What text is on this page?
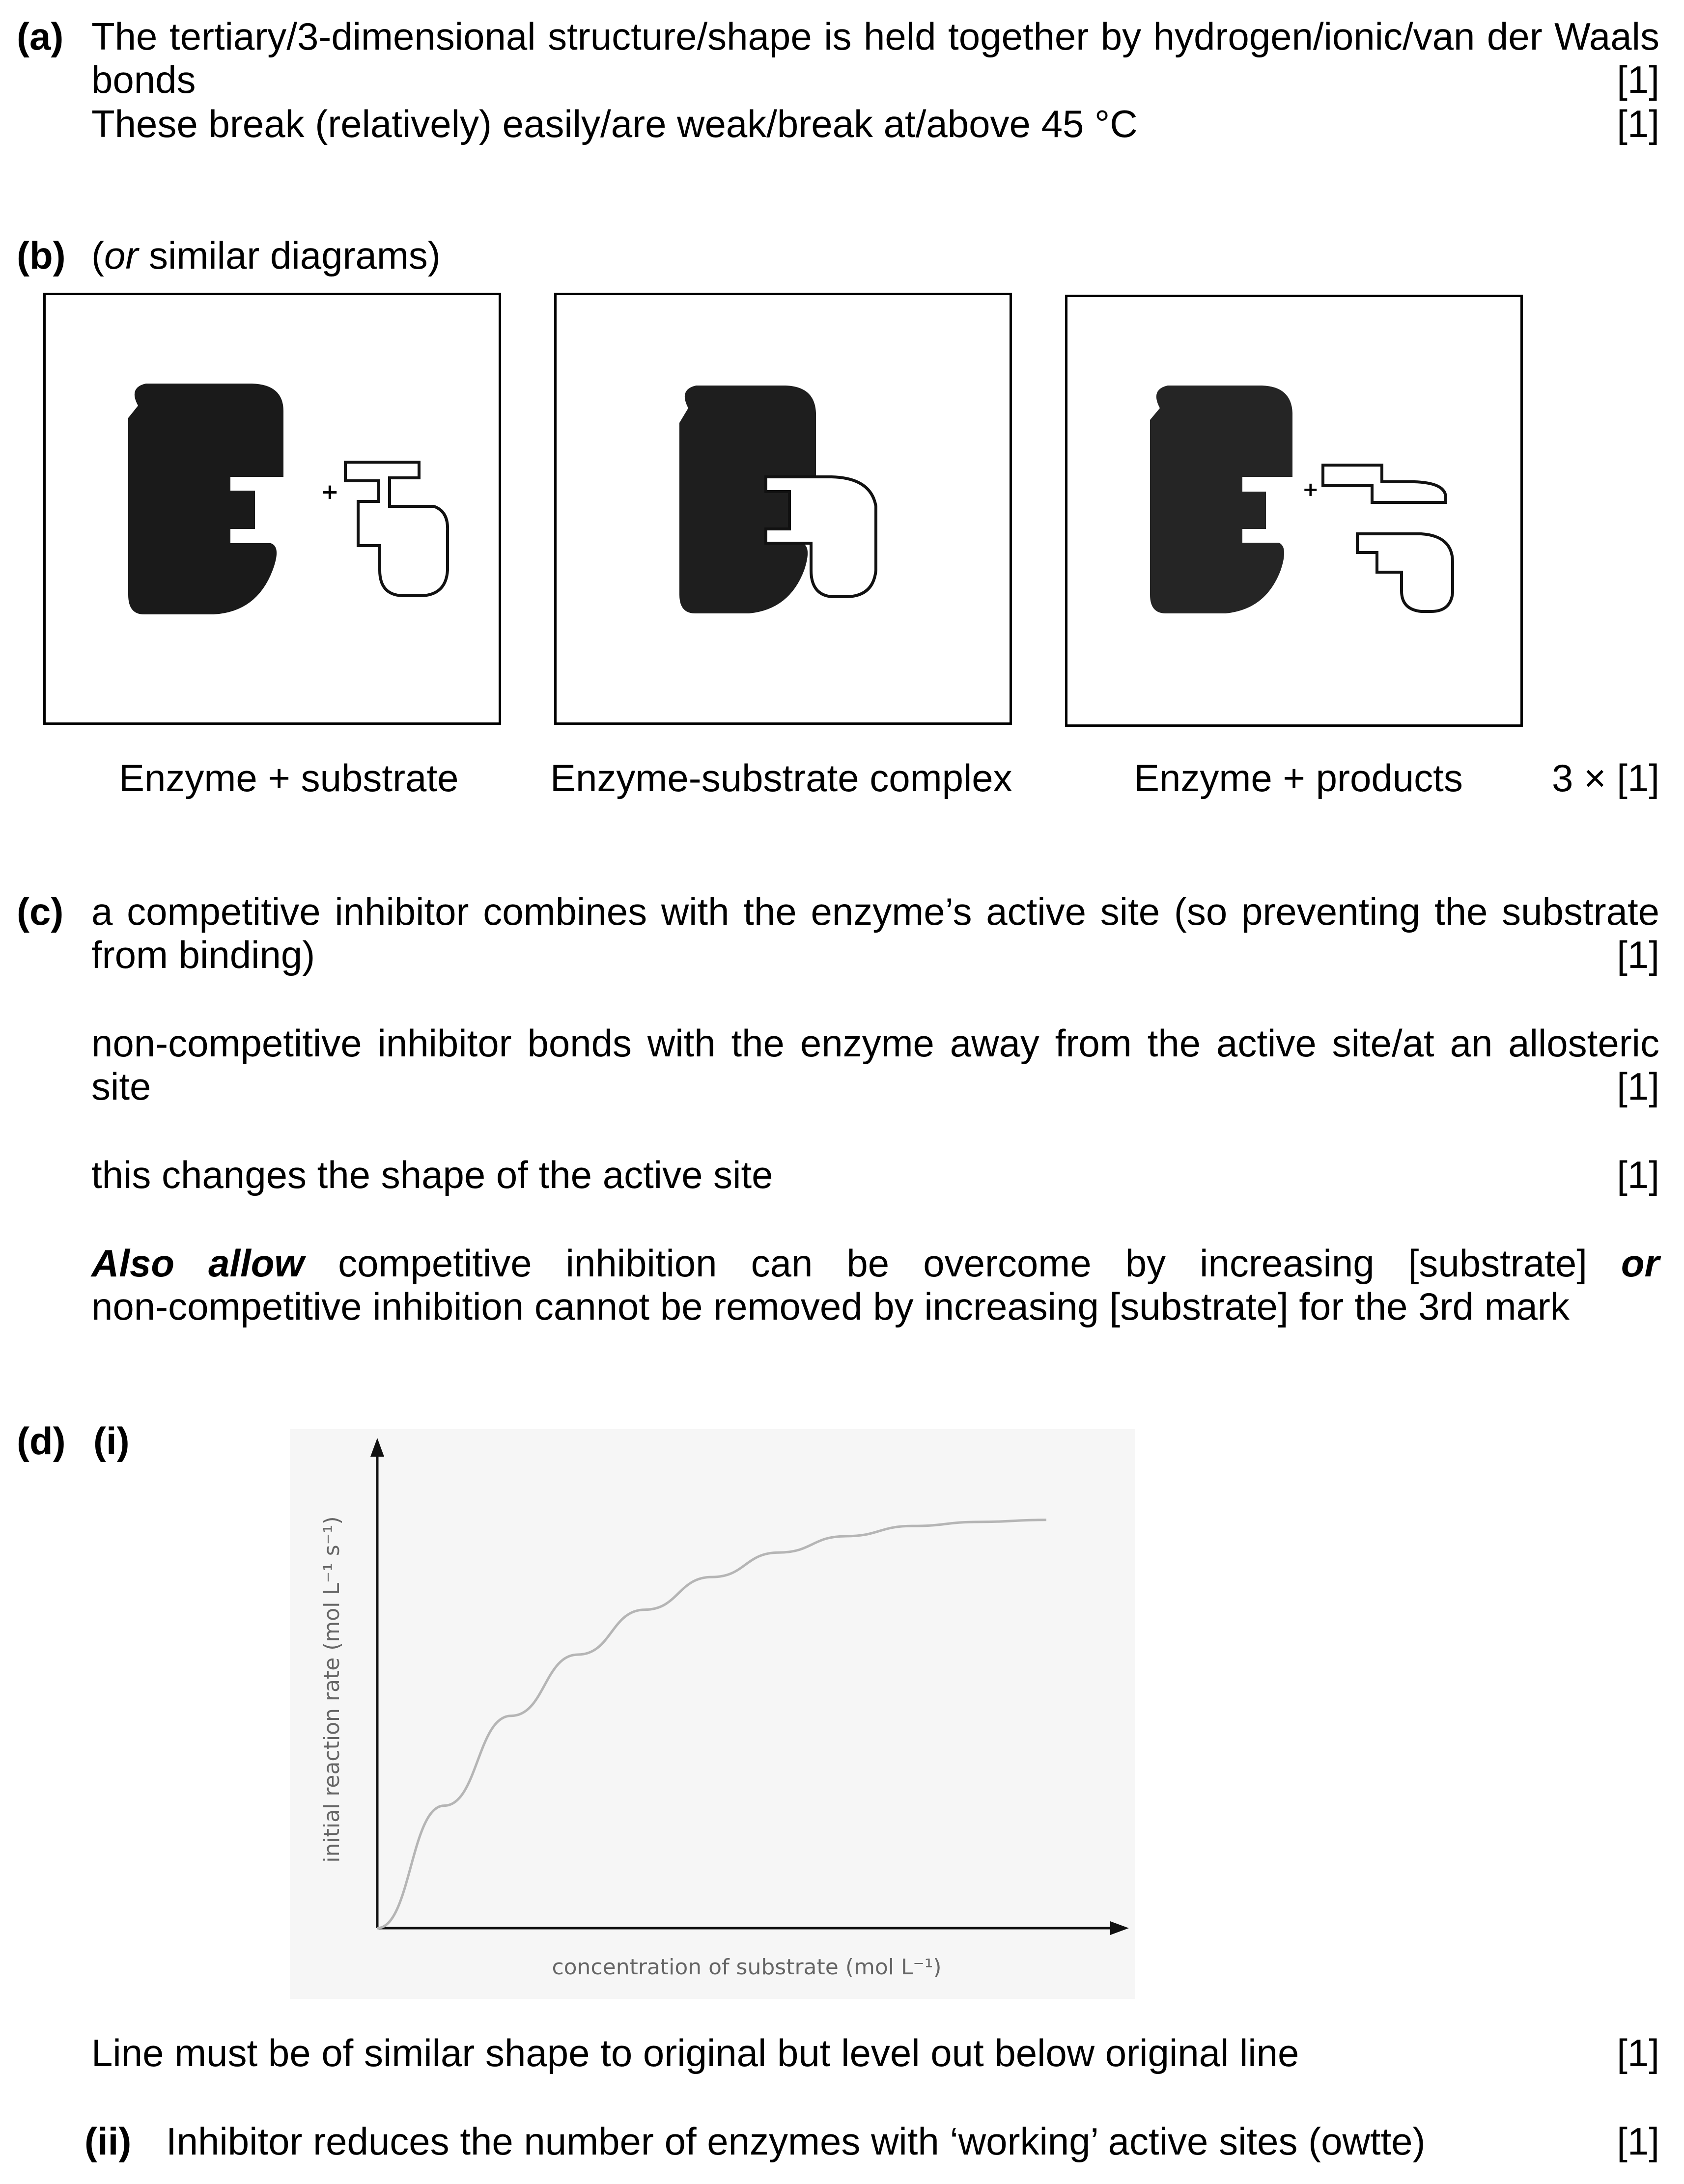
(a) The tertiary/3-dimensional structure/shape is held together by hydrogen/ionic/van der Waals
bonds	[1]
These break (relatively) easily/are weak/break at/above 45 °C	[1]
(b) (or similar diagrams)
+	+
Enzyme + substrate Enzyme-substrate complex	Enzyme + products 3 × [1]
(c) a competitive inhibitor combines with the enzyme’s active site (so preventing the substrate
from binding)	[1]
non-competitive inhibitor bonds with the enzyme away from the active site/at an allosteric site	[1]
this changes the shape of the active site	[1]
Also allow competitive inhibition can be overcome by increasing [substrate] or
non-competitive inhibition cannot be removed by increasing [substrate] for the 3rd mark
(d) (i)
initial reaction rate (mol L⁻¹ s⁻¹)
concentration of substrate (mol L⁻¹)
Line must be of similar shape to original but level out below original line	[1]
(ii) Inhibitor reduces the number of enzymes with ‘working’ active sites (owtte)	[1]
